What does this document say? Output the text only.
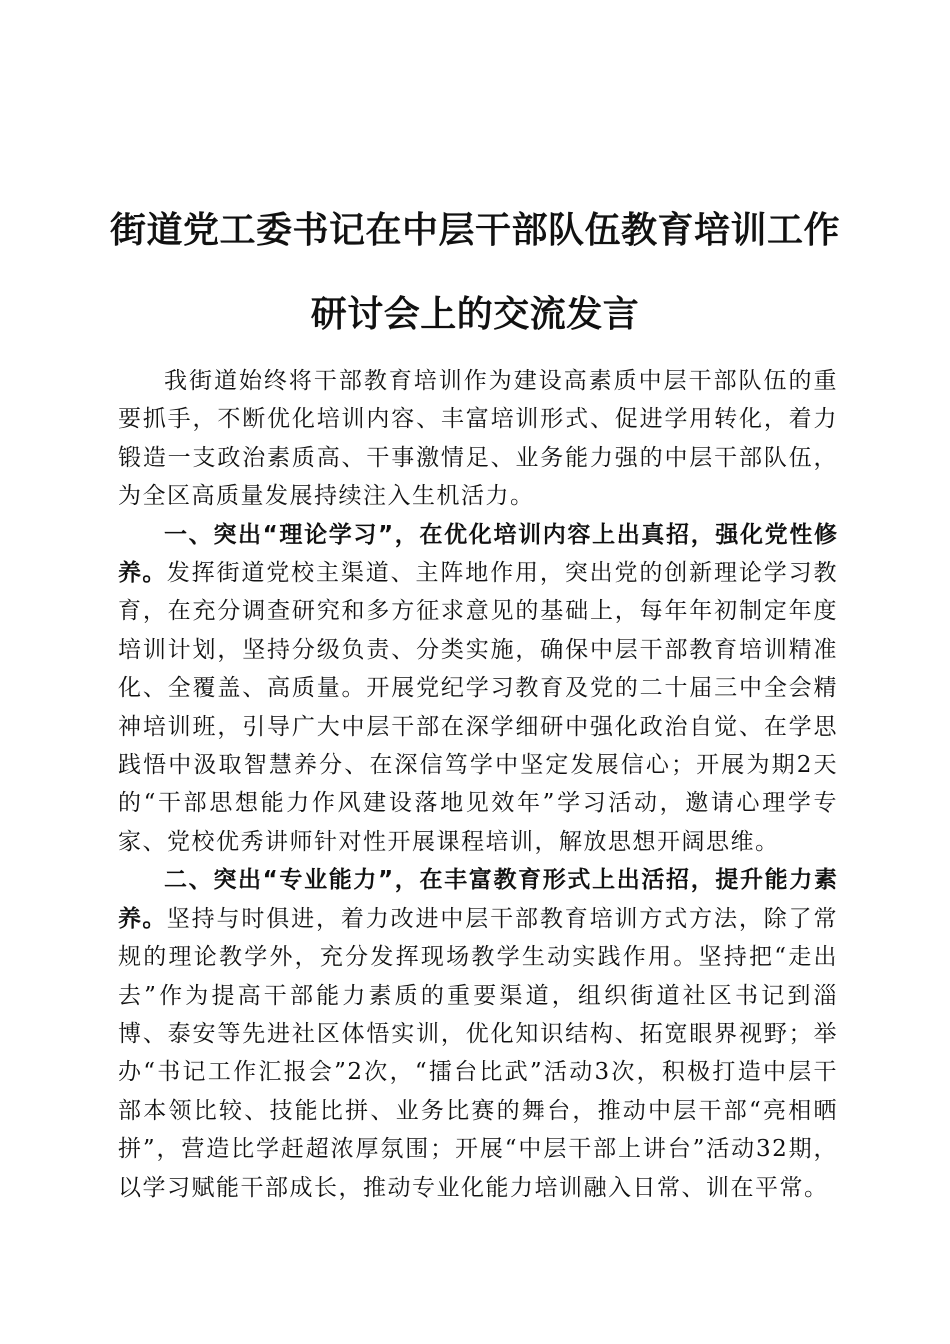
街道党工委书记在中层干部队伍教育培训工作
研讨会上的交流发言

我街道始终将干部教育培训作为建设高素质中层干部队伍的重要抓手，不断优化培训内容、丰富培训形式、促进学用转化，着力锻造一支政治素质高、干事激情足、业务能力强的中层干部队伍，为全区高质量发展持续注入生机活力。

一、突出“理论学习”，在优化培训内容上出真招，强化党性修养。发挥街道党校主渠道、主阵地作用，突出党的创新理论学习教育，在充分调查研究和多方征求意见的基础上，每年年初制定年度培训计划，坚持分级负责、分类实施，确保中层干部教育培训精准化、全覆盖、高质量。开展党纪学习教育及党的二十届三中全会精神培训班，引导广大中层干部在深学细研中强化政治自觉、在学思践悟中汲取智慧养分、在深信笃学中坚定发展信心；开展为期2天的“干部思想能力作风建设落地见效年”学习活动，邀请心理学专家、党校优秀讲师针对性开展课程培训，解放思想开阔思维。

二、突出“专业能力”，在丰富教育形式上出活招，提升能力素养。坚持与时俱进，着力改进中层干部教育培训方式方法，除了常规的理论教学外，充分发挥现场教学生动实践作用。坚持把“走出去”作为提高干部能力素质的重要渠道，组织街道社区书记到淄博、泰安等先进社区体悟实训，优化知识结构、拓宽眼界视野；举办“书记工作汇报会”2次，“擂台比武”活动3次，积极打造中层干部本领比较、技能比拼、业务比赛的舞台，推动中层干部“亮相晒拼”，营造比学赶超浓厚氛围；开展“中层干部上讲台”活动32期，以学习赋能干部成长，推动专业化能力培训融入日常、训在平常。
